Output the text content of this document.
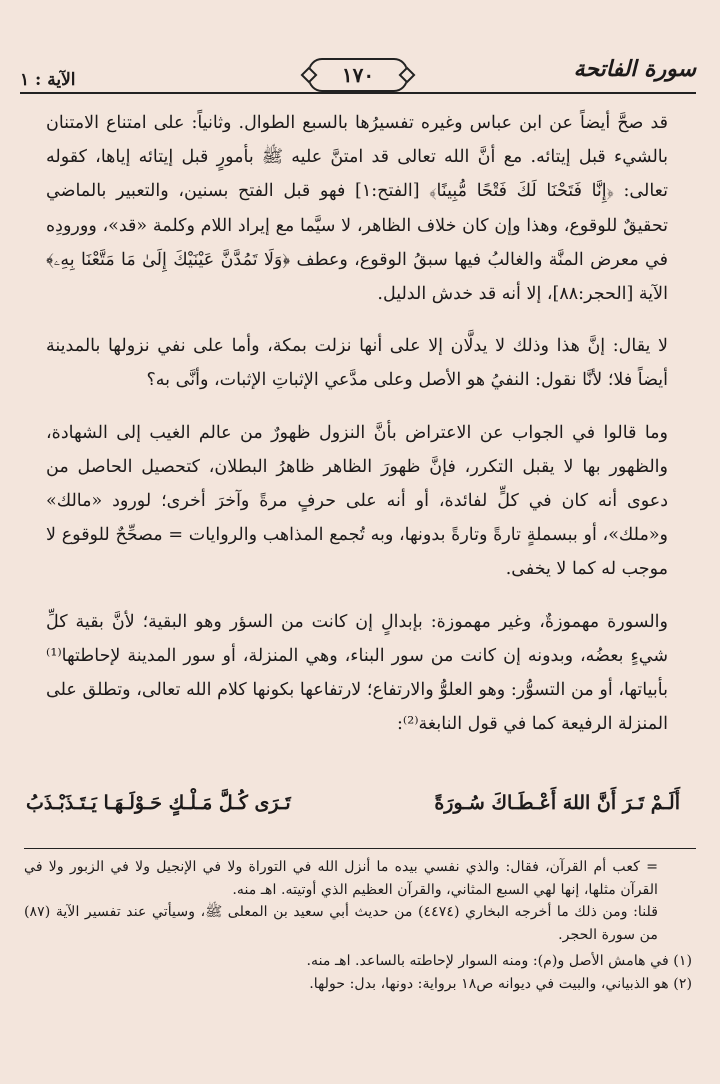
سورة الفاتحة
١٧٠
الآية : ١

قد صحَّ أيضاً عن ابن عباس وغيره تفسيرُها بالسبع الطوال. وثانياً: على امتناع الامتنان بالشيء قبل إيتائه. مع أنَّ الله تعالى قد امتنَّ عليه ﷺ بأمورٍ قبل إيتائه إياها، كقوله تعالى: ﴿إِنَّا فَتَحْنَا لَكَ فَتْحًا مُّبِينًا﴾ [الفتح:١] فهو قبل الفتح بسنين، والتعبير بالماضي تحقيقٌ للوقوع، وهذا وإن كان خلاف الظاهر، لا سيَّما مع إيراد اللام وكلمة «قد»، وورودِه في معرض المنَّة والغالبُ فيها سبقُ الوقوع، وعطف ﴿وَلَا تَمُدَّنَّ عَيْنَيْكَ إِلَىٰ مَا مَتَّعْنَا بِهِۦ﴾ الآية [الحجر:٨٨]، إلا أنه قد خدش الدليل.

لا يقال: إنَّ هذا وذلك لا يدلَّان إلا على أنها نزلت بمكة، وأما على نفي نزولها بالمدينة أيضاً فلا؛ لأنَّا نقول: النفيُ هو الأصل وعلى مدَّعي الإثباتِ الإثبات، وأنَّى به؟

وما قالوا في الجواب عن الاعتراض بأنَّ النزول ظهورٌ من عالم الغيب إلى الشهادة، والظهور بها لا يقبل التكرر، فإنَّ ظهورَ الظاهر ظاهرُ البطلان، كتحصيل الحاصل من دعوى أنه كان في كلٍّ لفائدة، أو أنه على حرفٍ مرةً وآخرَ أخرى؛ لورود «مالك» و«ملك»، أو ببسملةٍ تارةً وتارةً بدونها، وبه تُجمع المذاهب والروايات = مصحِّحٌ للوقوع لا موجب له كما لا يخفى.

والسورة مهموزةٌ، وغير مهموزة: بإبدالٍ إن كانت من السؤر وهو البقية؛ لأنَّ بقية كلِّ شيءٍ بعضُه، وبدونه إن كانت من سور البناء، وهي المنزلة، أو سور المدينة لإحاطتها⁽¹⁾ بأبياتها، أو من التسوُّر: وهو العلوُّ والارتفاع؛ لارتفاعها بكونها كلام الله تعالى، وتطلق على المنزلة الرفيعة كما في قول النابغة⁽²⁾:

أَلَـمْ تَـرَ أَنَّ اللهَ أَعْـطَـاكَ سُـورَةً
تَـرَى كُـلَّ مَـلْـكٍ حَـوْلَـهَـا يَـتَـذَبْـذَبُ

= كعب أم القرآن، فقال: والذي نفسي بيده ما أنزل الله في التوراة ولا في الإنجيل ولا في الزبور ولا في القرآن مثلها، إنها لهي السبع المثاني، والقرآن العظيم الذي أوتيته. اهـ منه.

قلنا: ومن ذلك ما أخرجه البخاري (٤٤٧٤) من حديث أبي سعيد بن المعلى ﷺ، وسيأتي عند تفسير الآية (٨٧) من سورة الحجر.

(١) في هامش الأصل و(م): ومنه السوار لإحاطته بالساعد. اهـ منه.

(٢) هو الذبياني، والبيت في ديوانه ص١٨ برواية: دونها، بدل: حولها.
